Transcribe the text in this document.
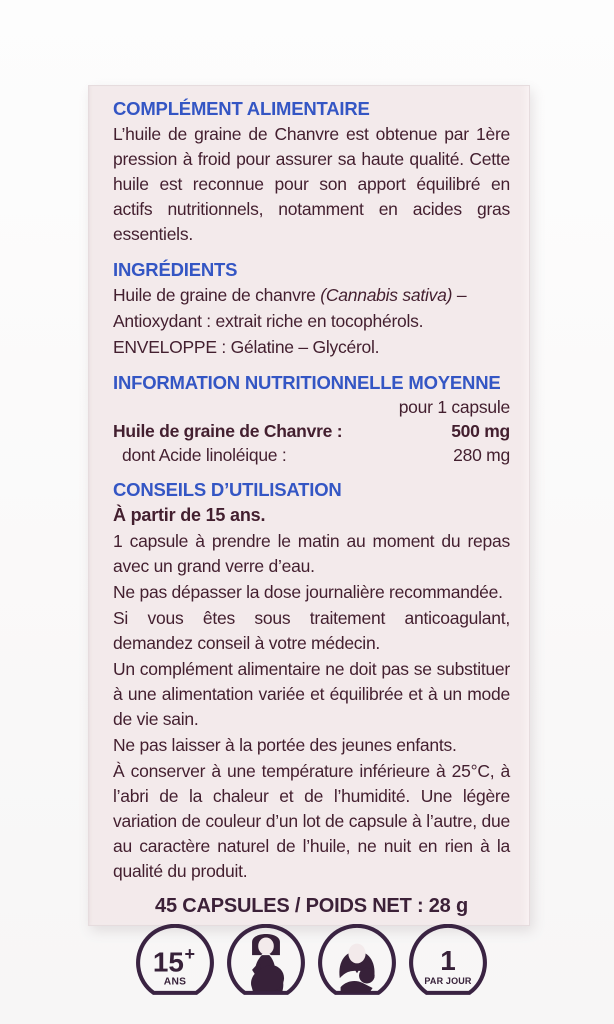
COMPLÉMENT ALIMENTAIRE

L’huile de graine de Chanvre est obtenue par 1ère pression à froid pour assurer sa haute qualité. Cette huile est reconnue pour son apport équilibré en actifs nutritionnels, notamment en acides gras essentiels.

INGRÉDIENTS

Huile de graine de chanvre (Cannabis sativa) –

Antioxydant : extrait riche en tocophérols.

ENVELOPPE : Gélatine – Glycérol.

INFORMATION NUTRITIONNELLE MOYENNE
pour 1 capsule
Huile de graine de Chanvre :	500 mg
dont Acide linoléique :	280 mg
CONSEILS D’UTILISATION
À partir de 15 ans.

1 capsule à prendre le matin au moment du repas avec un grand verre d’eau.

Ne pas dépasser la dose journalière recommandée.

Si vous êtes sous traitement anticoagulant, demandez conseil à votre médecin.

Un complément alimentaire ne doit pas se substituer à une alimentation variée et équilibrée et à un mode de vie sain.

Ne pas laisser à la portée des jeunes enfants.

À conserver à une température inférieure à 25°C, à l’abri de la chaleur et de l’humidité. Une légère variation de couleur d’un lot de capsule à l’autre, due au caractère naturel de l’huile, ne nuit en rien à la qualité du produit.

45 CAPSULES / POIDS NET : 28 g
15 +
ANS
1
PAR JOUR
